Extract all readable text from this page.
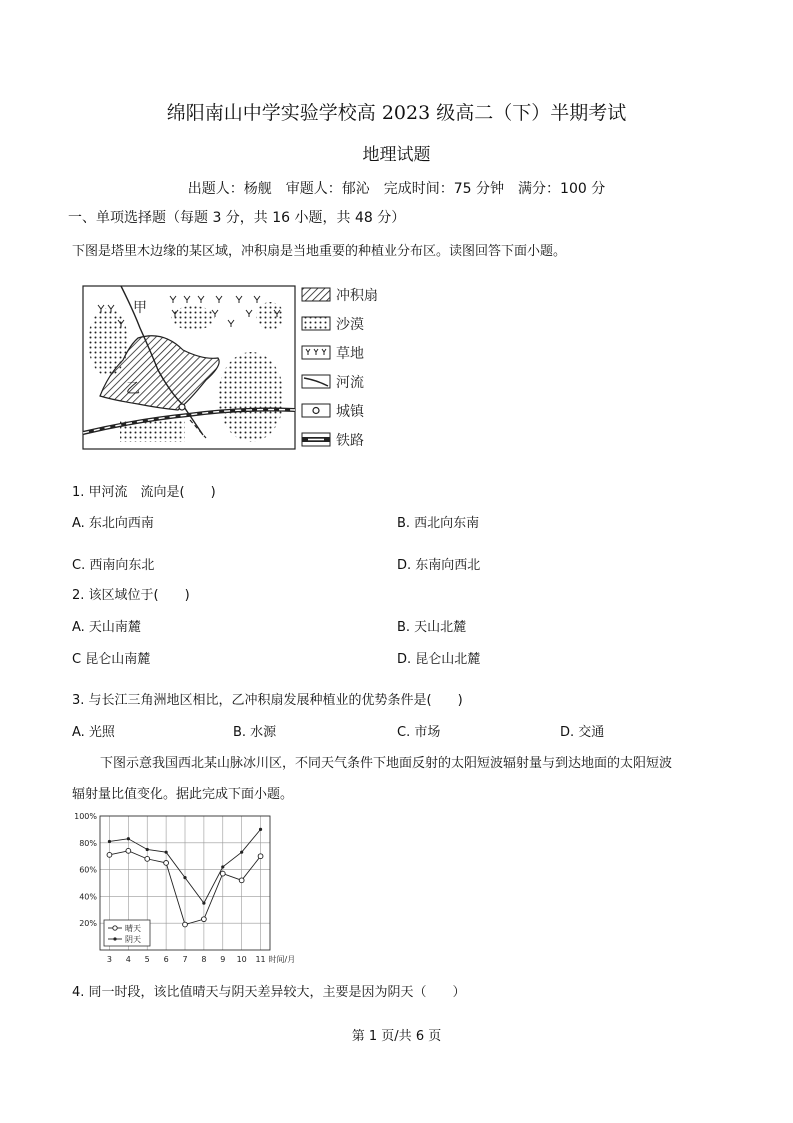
绵阳南山中学实验学校高 2023 级高二（下）半期考试
地理试题
出题人：杨舰　审题人：郁沁　完成时间：75 分钟　满分：100 分
一、单项选择题（每题 3 分，共 16 小题，共 48 分）
下图是塔里木边缘的某区域，冲积扇是当地重要的种植业分布区。读图回答下面小题。
甲
乙
冲积扇
沙漠
草地
河流
城镇
铁路
1. 甲河流　流向是(　　)
A. 东北向西南	B. 西北向东南
C. 西南向东北	D. 东南向西北
2. 该区域位于(　　)
A. 天山南麓	B. 天山北麓
C 昆仑山南麓	D. 昆仑山北麓
3. 与长江三角洲地区相比，乙冲积扇发展种植业的优势条件是(　　)
A. 光照	B. 水源	C. 市场	D. 交通
下图示意我国西北某山脉冰川区，不同天气条件下地面反射的太阳短波辐射量与到达地面的太阳短波
辐射量比值变化。据此完成下面小题。
100%
80%
60%
40%
20%
3 4 5 6 7 8 9 10 11 时间/月
晴天
阴天
4. 同一时段，该比值晴天与阴天差异较大，主要是因为阴天（　　）
第 1 页/共 6 页
